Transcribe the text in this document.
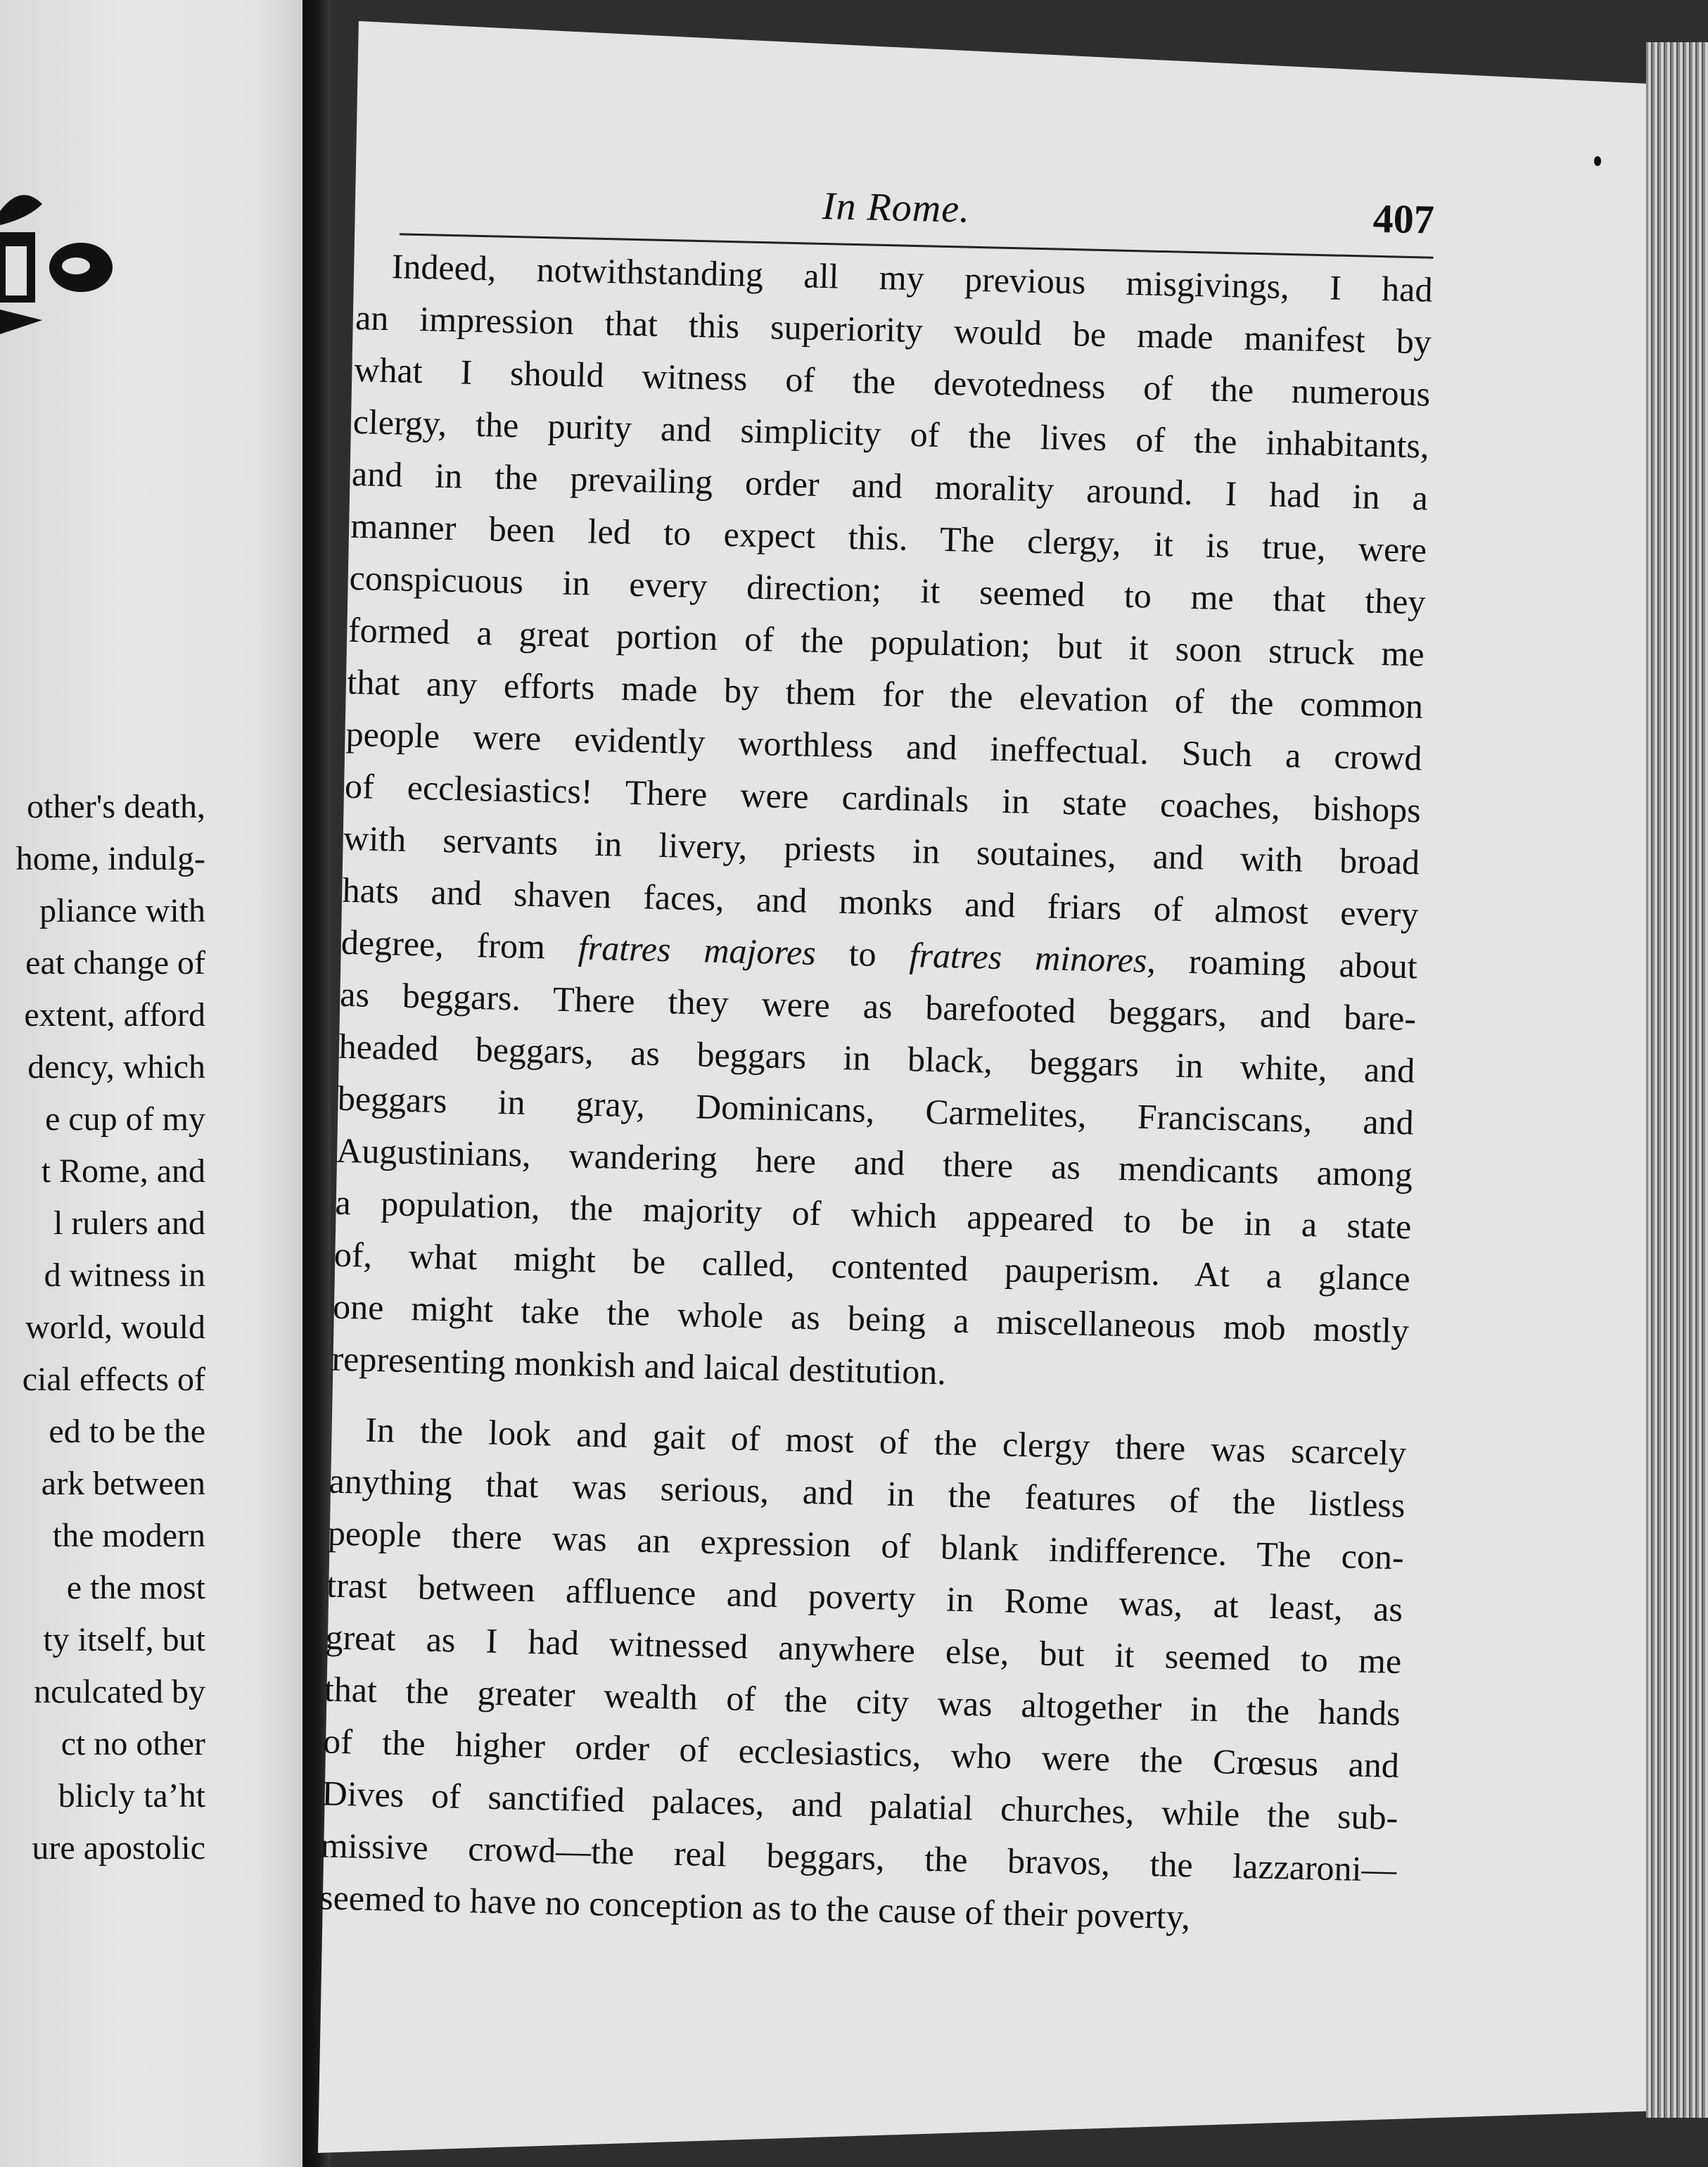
other's death,
home, indulg-
pliance with
eat change of
extent, afford
dency, which
e cup of my
t Rome, and
l rulers and
d witness in
world, would
cial effects of
ed to be the
ark between
the modern
e the most
ty itself, but
nculcated by
ct no other
blicly taʼht
ure apostolic
In Rome.	407
Indeed, notwithstanding all my previous misgivings, I had
an impression that this superiority would be made manifest by
what I should witness of the devotedness of the numerous
clergy, the purity and simplicity of the lives of the inhabitants,
and in the prevailing order and morality around. I had in a
manner been led to expect this. The clergy, it is true, were
conspicuous in every direction; it seemed to me that they
formed a great portion of the population; but it soon struck me
that any efforts made by them for the elevation of the common
people were evidently worthless and ineffectual. Such a crowd
of ecclesiastics! There were cardinals in state coaches, bishops
with servants in livery, priests in soutaines, and with broad
hats and shaven faces, and monks and friars of almost every
degree, from fratres majores to fratres minores, roaming about
as beggars. There they were as barefooted beggars, and bare-
headed beggars, as beggars in black, beggars in white, and
beggars in gray, Dominicans, Carmelites, Franciscans, and
Augustinians, wandering here and there as mendicants among
a population, the majority of which appeared to be in a state
of, what might be called, contented pauperism. At a glance
one might take the whole as being a miscellaneous mob mostly
representing monkish and laical destitution.
In the look and gait of most of the clergy there was scarcely
anything that was serious, and in the features of the listless
people there was an expression of blank indifference. The con-
trast between affluence and poverty in Rome was, at least, as
great as I had witnessed anywhere else, but it seemed to me
that the greater wealth of the city was altogether in the hands
of the higher order of ecclesiastics, who were the Crœsus and
Dives of sanctified palaces, and palatial churches, while the sub-
missive crowd—the real beggars, the bravos, the lazzaroni—
seemed to have no conception as to the cause of their poverty,
